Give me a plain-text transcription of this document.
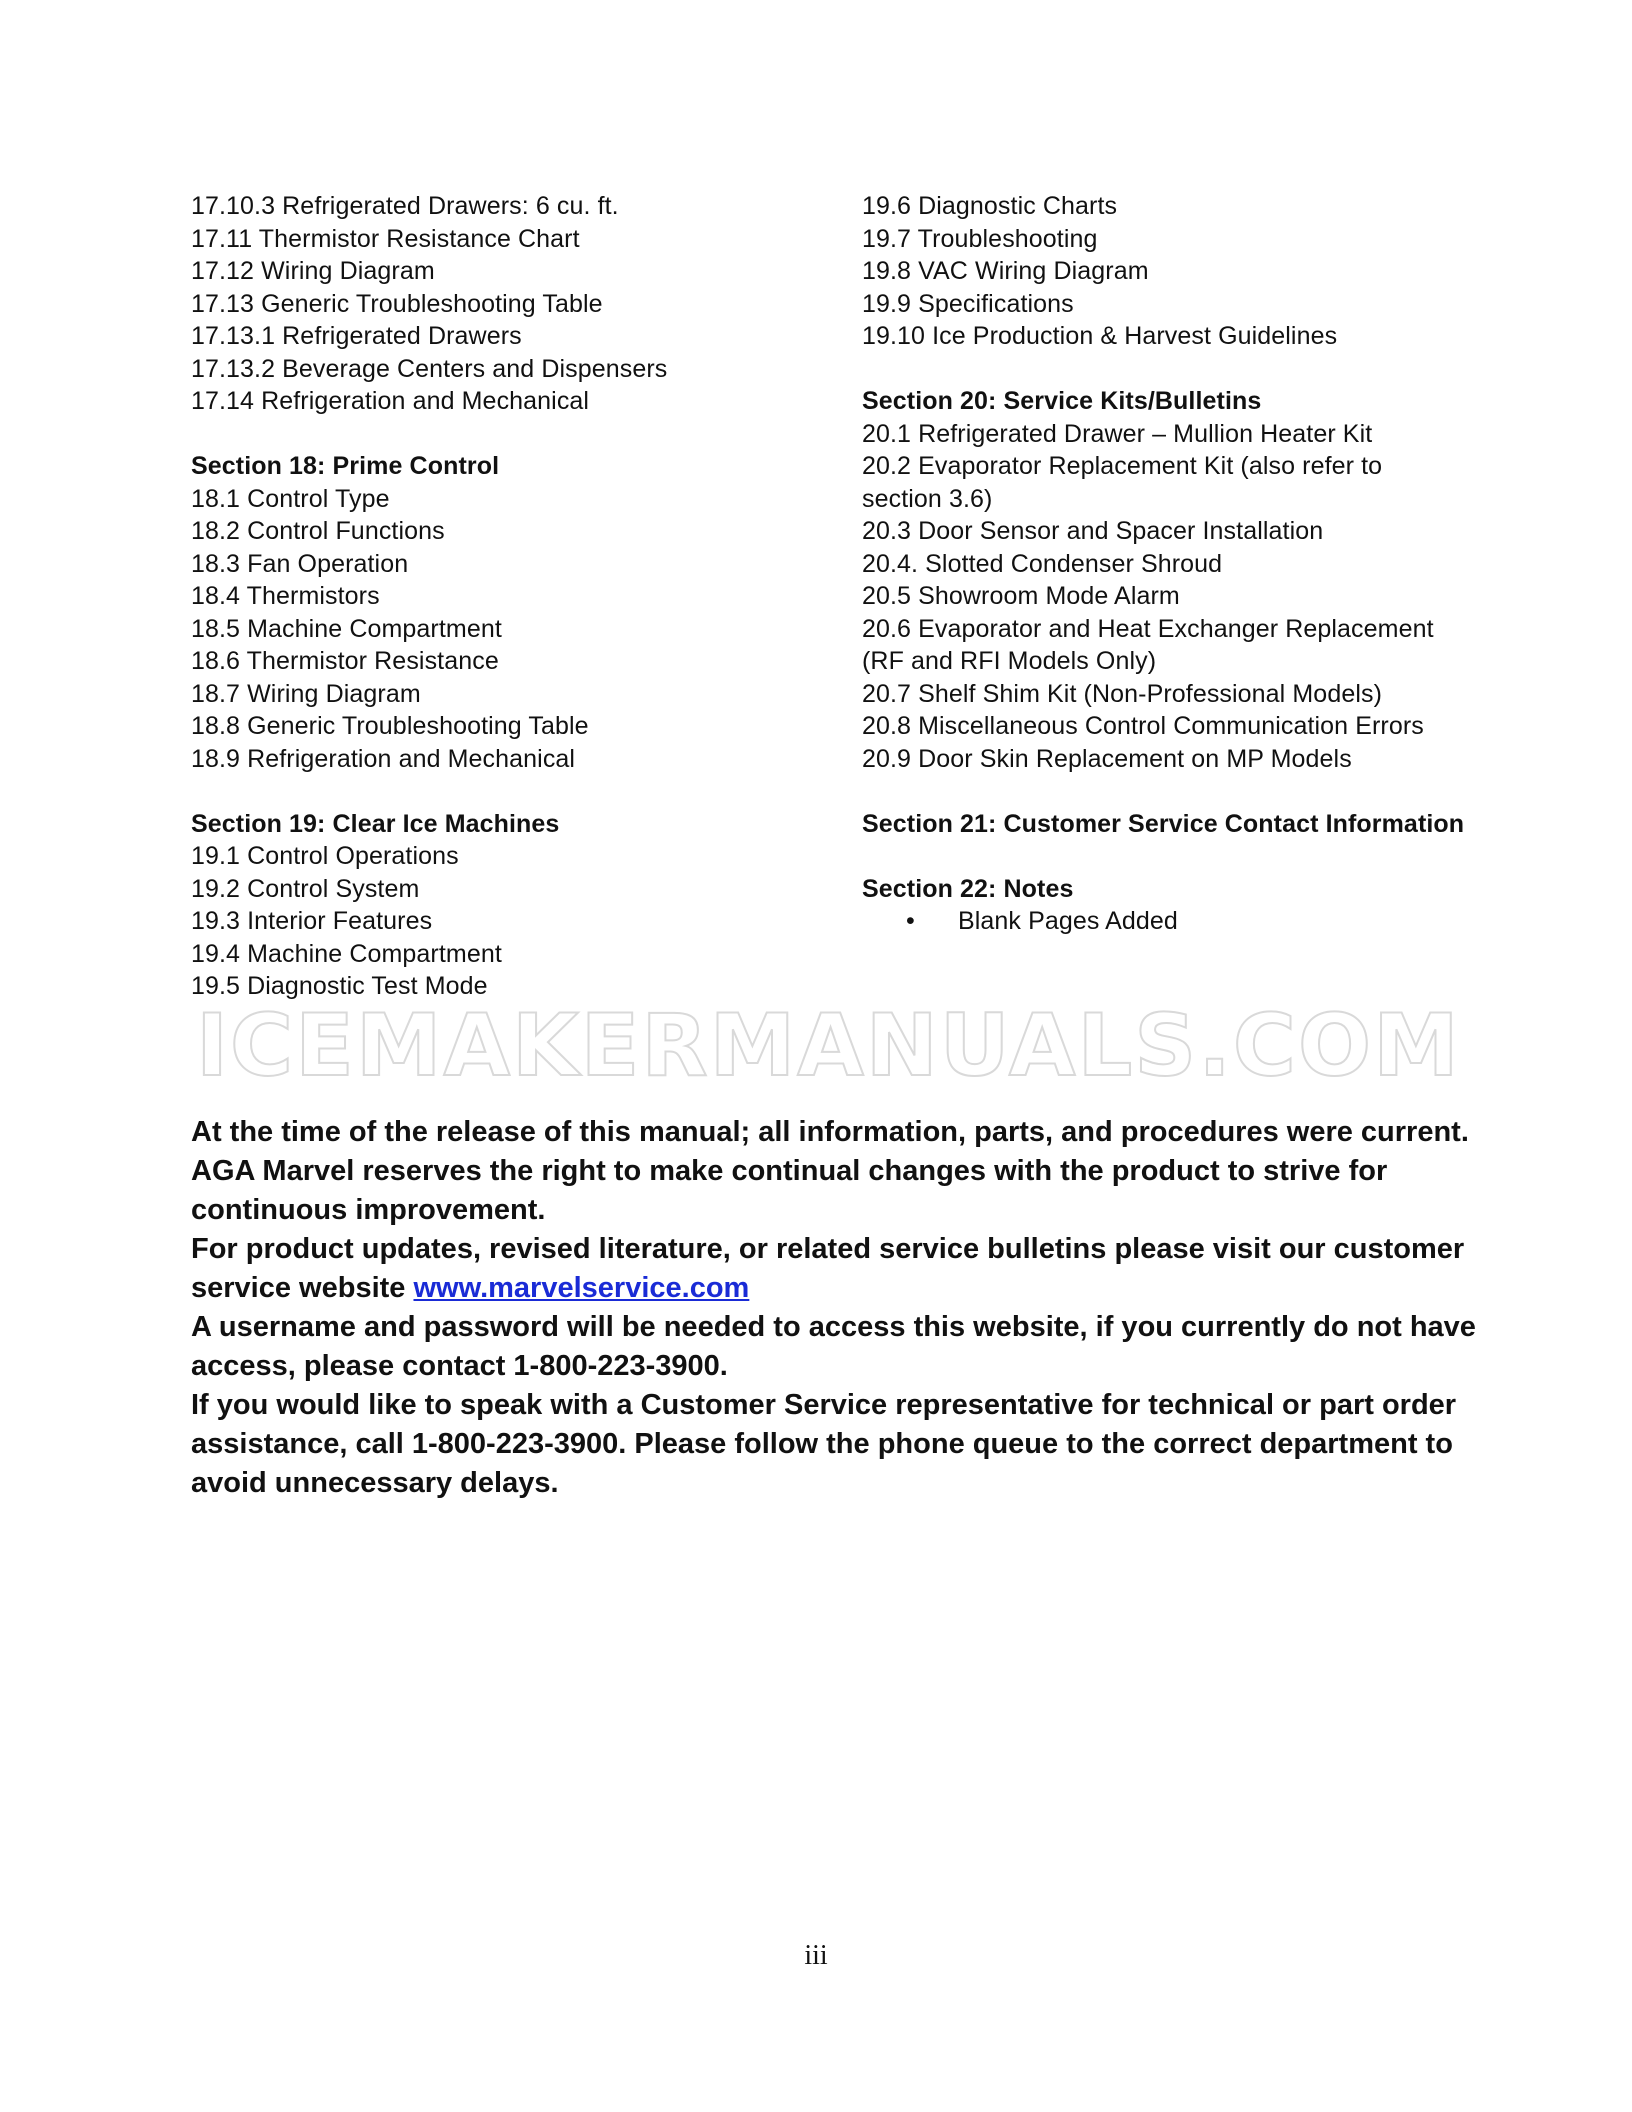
17.10.3 Refrigerated Drawers: 6 cu. ft.
17.11 Thermistor Resistance Chart
17.12 Wiring Diagram
17.13 Generic Troubleshooting Table
17.13.1 Refrigerated Drawers
17.13.2 Beverage Centers and Dispensers
17.14 Refrigeration and Mechanical
Section 18: Prime Control
18.1 Control Type
18.2 Control Functions
18.3 Fan Operation
18.4 Thermistors
18.5 Machine Compartment
18.6 Thermistor Resistance
18.7 Wiring Diagram
18.8 Generic Troubleshooting Table
18.9 Refrigeration and Mechanical
Section 19: Clear Ice Machines
19.1 Control Operations
19.2 Control System
19.3 Interior Features
19.4 Machine Compartment
19.5 Diagnostic Test Mode
19.6 Diagnostic Charts
19.7 Troubleshooting
19.8 VAC Wiring Diagram
19.9 Specifications
19.10 Ice Production & Harvest Guidelines
Section 20: Service Kits/Bulletins
20.1 Refrigerated Drawer – Mullion Heater Kit
20.2 Evaporator Replacement Kit (also refer to
section 3.6)
20.3 Door Sensor and Spacer Installation
20.4. Slotted Condenser Shroud
20.5 Showroom Mode Alarm
20.6 Evaporator and Heat Exchanger Replacement
(RF and RFI Models Only)
20.7 Shelf Shim Kit (Non-Professional Models)
20.8 Miscellaneous Control Communication Errors
20.9 Door Skin Replacement on MP Models
Section 21: Customer Service Contact Information
Section 22: Notes
• Blank Pages Added
ICEMAKERMANUALS.COM

At the time of the release of this manual; all information, parts, and procedures were current. AGA Marvel reserves the right to make continual changes with the product to strive for continuous improvement.

For product updates, revised literature, or related service bulletins please visit our customer service website www.marvelservice.com

A username and password will be needed to access this website, if you currently do not have access, please contact 1-800-223-3900.

If you would like to speak with a Customer Service representative for technical or part order assistance, call 1-800-223-3900. Please follow the phone queue to the correct department to avoid unnecessary delays.

iii
